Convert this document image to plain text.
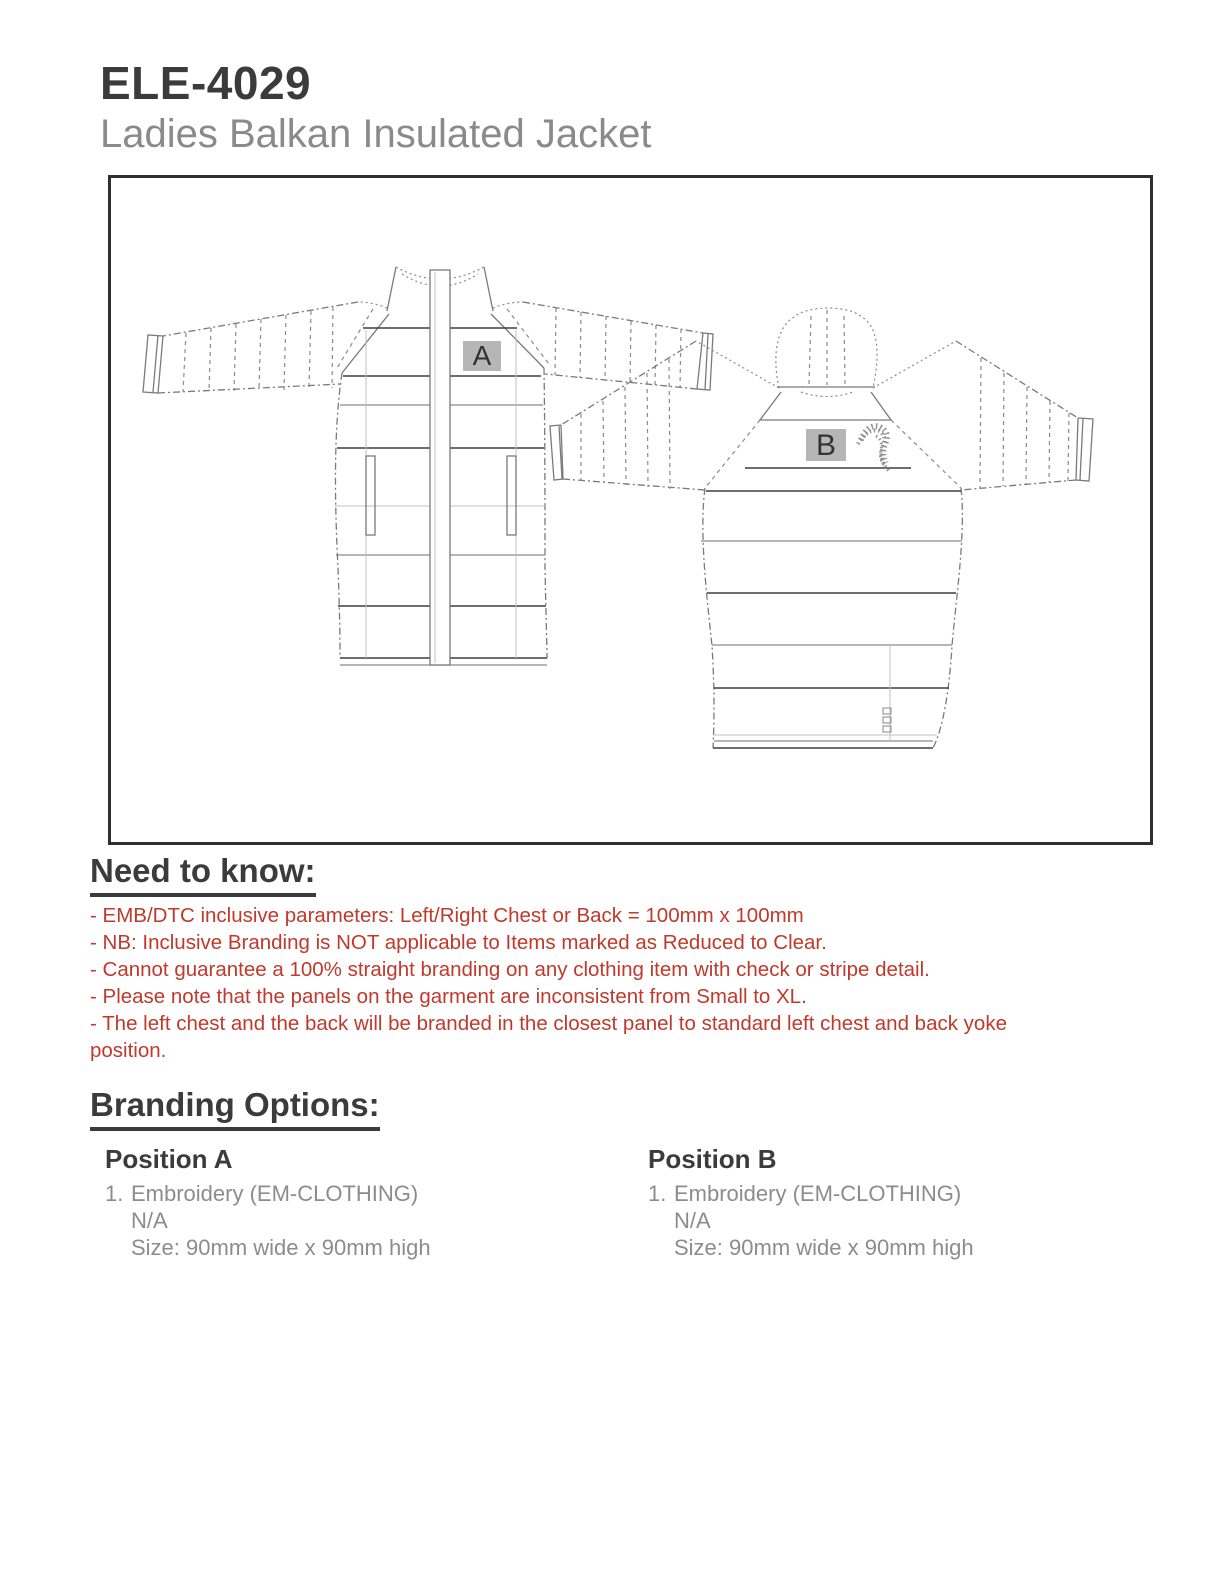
ELE-4029
Ladies Balkan Insulated Jacket
A
B
Need to know:
- EMB/DTC inclusive parameters: Left/Right Chest or Back = 100mm x 100mm
- NB: Inclusive Branding is NOT applicable to Items marked as Reduced to Clear.
- Cannot guarantee a 100% straight branding on any clothing item with check or stripe detail.
- Please note that the panels on the garment are inconsistent from Small to XL.
- The left chest and the back will be branded in the closest panel to standard left chest and back yoke position.
Branding Options:
Position A
1. Embroidery (EM-CLOTHING)
N/A
Size: 90mm wide x 90mm high
Position B
1. Embroidery (EM-CLOTHING)
N/A
Size: 90mm wide x 90mm high
